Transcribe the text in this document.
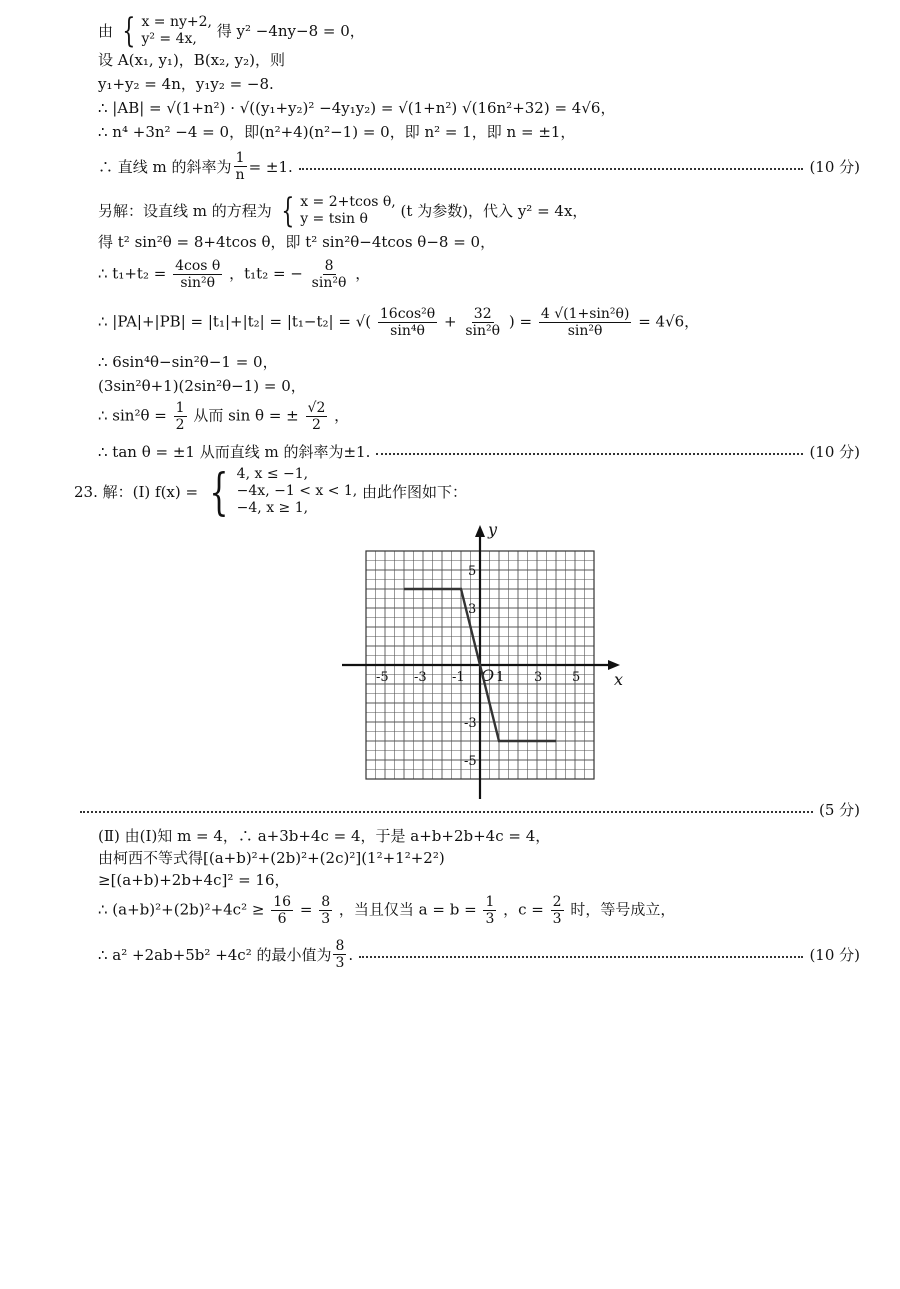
由 { x = ny+2,
y² = 4x,	得 y² −4ny−8 = 0，
设 A(x₁, y₁)，B(x₂, y₂)，则
y₁+y₂ = 4n，y₁y₂ = −8.
∴ |AB| = √(1+n²) · √((y₁+y₂)² −4y₁y₂) = √(1+n²) √(16n²+32) = 4√6，
∴ n⁴ +3n² −4 = 0，即(n²+4)(n²−1) = 0，即 n² = 1，即 n = ±1，
∴ 直线 m 的斜率为 $\frac{1}{n} = \pm 1$.	(10 分)
另解：设直线 m 的方程为 { x = 2+tcos θ,
y = tsin θ	(t 为参数)，代入 y² = 4x，
得 t² sin²θ = 8+4tcos θ，即 t² sin²θ−4tcos θ−8 = 0，
∴ $t_1+t_2 = \frac{\text{4cos θ}}{\text{sin²θ}}$ ，t₁t₂ = − $\frac{8}{\text{sin²θ}}$ ，
∴ |PA|+|PB| = |t₁|+|t₂| = |t₁−t₂| = √( $\frac{\text{16cos²θ}}{\text{sin⁴θ}} + \frac{32}{\text{sin²θ}}$ ) = $\frac{\text{4 √(1+sin²θ)}}{\text{sin²θ}} = 4√6$，
∴ 6sin⁴θ−sin²θ−1 = 0，
(3sin²θ+1)(2sin²θ−1) = 0，
∴ $\sin^2\theta = \frac{1}{2}$ 从而 sin θ = ± $\frac{√2}{2}$ ，
∴ tan θ = ±1 从而直线 m 的斜率为±1.	(10 分)
23. 解：(Ⅰ) f(x) = { 4, x ≤ −1,
−4x, −1 < x < 1,
−4, x ≥ 1,
由此作图如下：
x
y
O
-5 -3 -1 1 3 5
5
3
-3
-5
(5 分)
(Ⅱ) 由(Ⅰ)知 m = 4，∴ a+3b+4c = 4，于是 a+b+2b+4c = 4，
由柯西不等式得[(a+b)²+(2b)²+(2c)²](1²+1²+2²)
≥[(a+b)+2b+4c]² = 16，
∴ $(a+b)^2+(2b)^2+4c^2 \ge \frac{16}{6} = \frac{8}{3}$ ，当且仅当 $a = b = \frac{1}{3}$ ，$c = \frac{2}{3}$ 时，等号成立，
∴ a² +2ab+5b² +4c² 的最小值为 $\frac{8}{3}$ .	(10 分)
